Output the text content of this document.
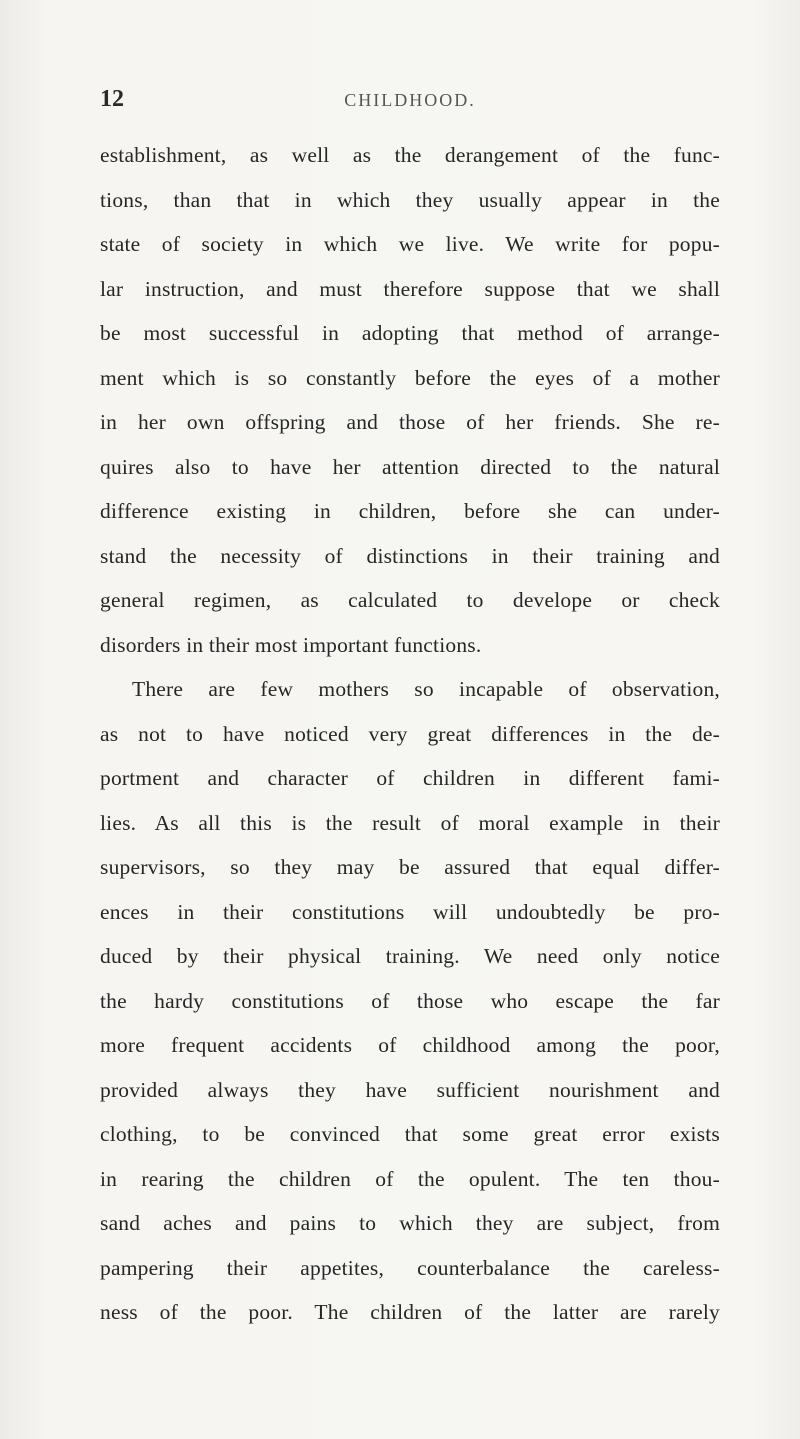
12	CHILDHOOD.
establishment, as well as the derangement of the func-
tions, than that in which they usually appear in the
state of society in which we live. We write for popu-
lar instruction, and must therefore suppose that we shall
be most successful in adopting that method of arrange-
ment which is so constantly before the eyes of a mother
in her own offspring and those of her friends. She re-
quires also to have her attention directed to the natural
difference existing in children, before she can under-
stand the necessity of distinctions in their training and
general regimen, as calculated to develope or check
disorders in their most important functions.
There are few mothers so incapable of observation,
as not to have noticed very great differences in the de-
portment and character of children in different fami-
lies. As all this is the result of moral example in their
supervisors, so they may be assured that equal differ-
ences in their constitutions will undoubtedly be pro-
duced by their physical training. We need only notice
the hardy constitutions of those who escape the far
more frequent accidents of childhood among the poor,
provided always they have sufficient nourishment and
clothing, to be convinced that some great error exists
in rearing the children of the opulent. The ten thou-
sand aches and pains to which they are subject, from
pampering their appetites, counterbalance the careless-
ness of the poor. The children of the latter are rarely
